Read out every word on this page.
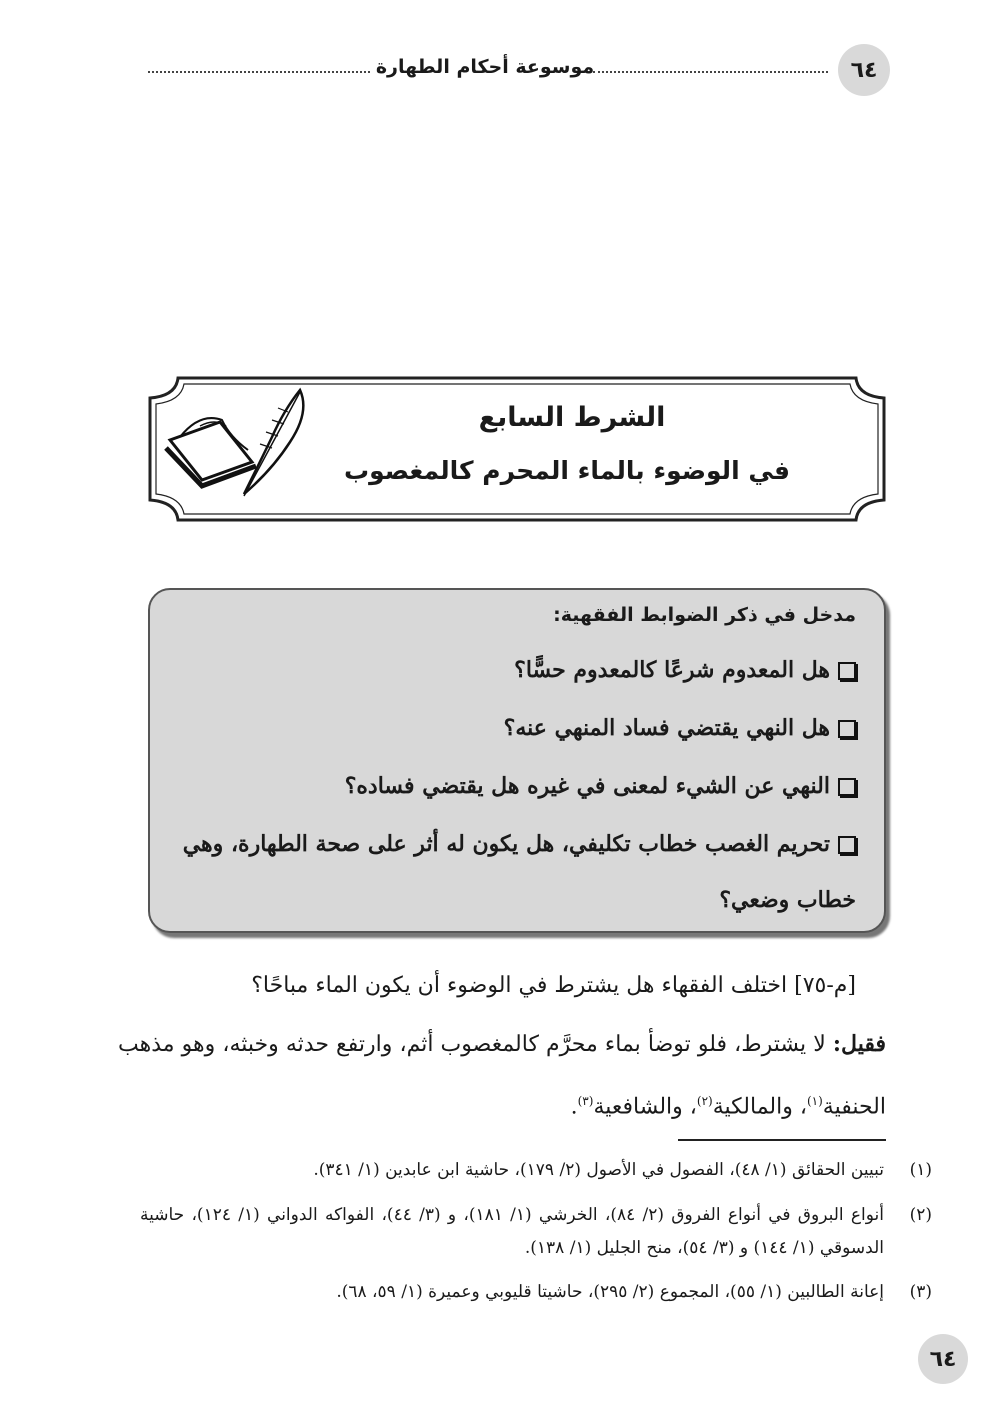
٦٤
موسوعة أحكام الطهارة
الشرط السابع
في الوضوء بالماء المحرم كالمغصوب
مدخل في ذكر الضوابط الفقهية:
هل المعدوم شرعًا كالمعدوم حسًّا؟
هل النهي يقتضي فساد المنهي عنه؟
النهي عن الشيء لمعنى في غيره هل يقتضي فساده؟
تحريم الغصب خطاب تكليفي، هل يكون له أثر على صحة الطهارة، وهي خطاب وضعي؟
[م-٧٥] اختلف الفقهاء هل يشترط في الوضوء أن يكون الماء مباحًا؟
فقيل: لا يشترط، فلو توضأ بماء محرَّم كالمغصوب أثم، وارتفع حدثه وخبثه، وهو مذهب الحنفية$^{(١)}$، والمالكية$^{(٢)}$، والشافعية$^{(٣)}$.
(١)
تبيين الحقائق (١/ ٤٨)، الفصول في الأصول (٢/ ١٧٩)، حاشية ابن عابدين (١/ ٣٤١).
(٢)
أنواع البروق في أنواع الفروق (٢/ ٨٤)، الخرشي (١/ ١٨١)، و (٣/ ٤٤)، الفواكه الدواني (١/ ١٢٤)، حاشية الدسوقي (١/ ١٤٤) و (٣/ ٥٤)، منح الجليل (١/ ١٣٨).
(٣)
إعانة الطالبين (١/ ٥٥)، المجموع (٢/ ٢٩٥)، حاشيتا قليوبي وعميرة (١/ ٥٩، ٦٨).
٦٤
